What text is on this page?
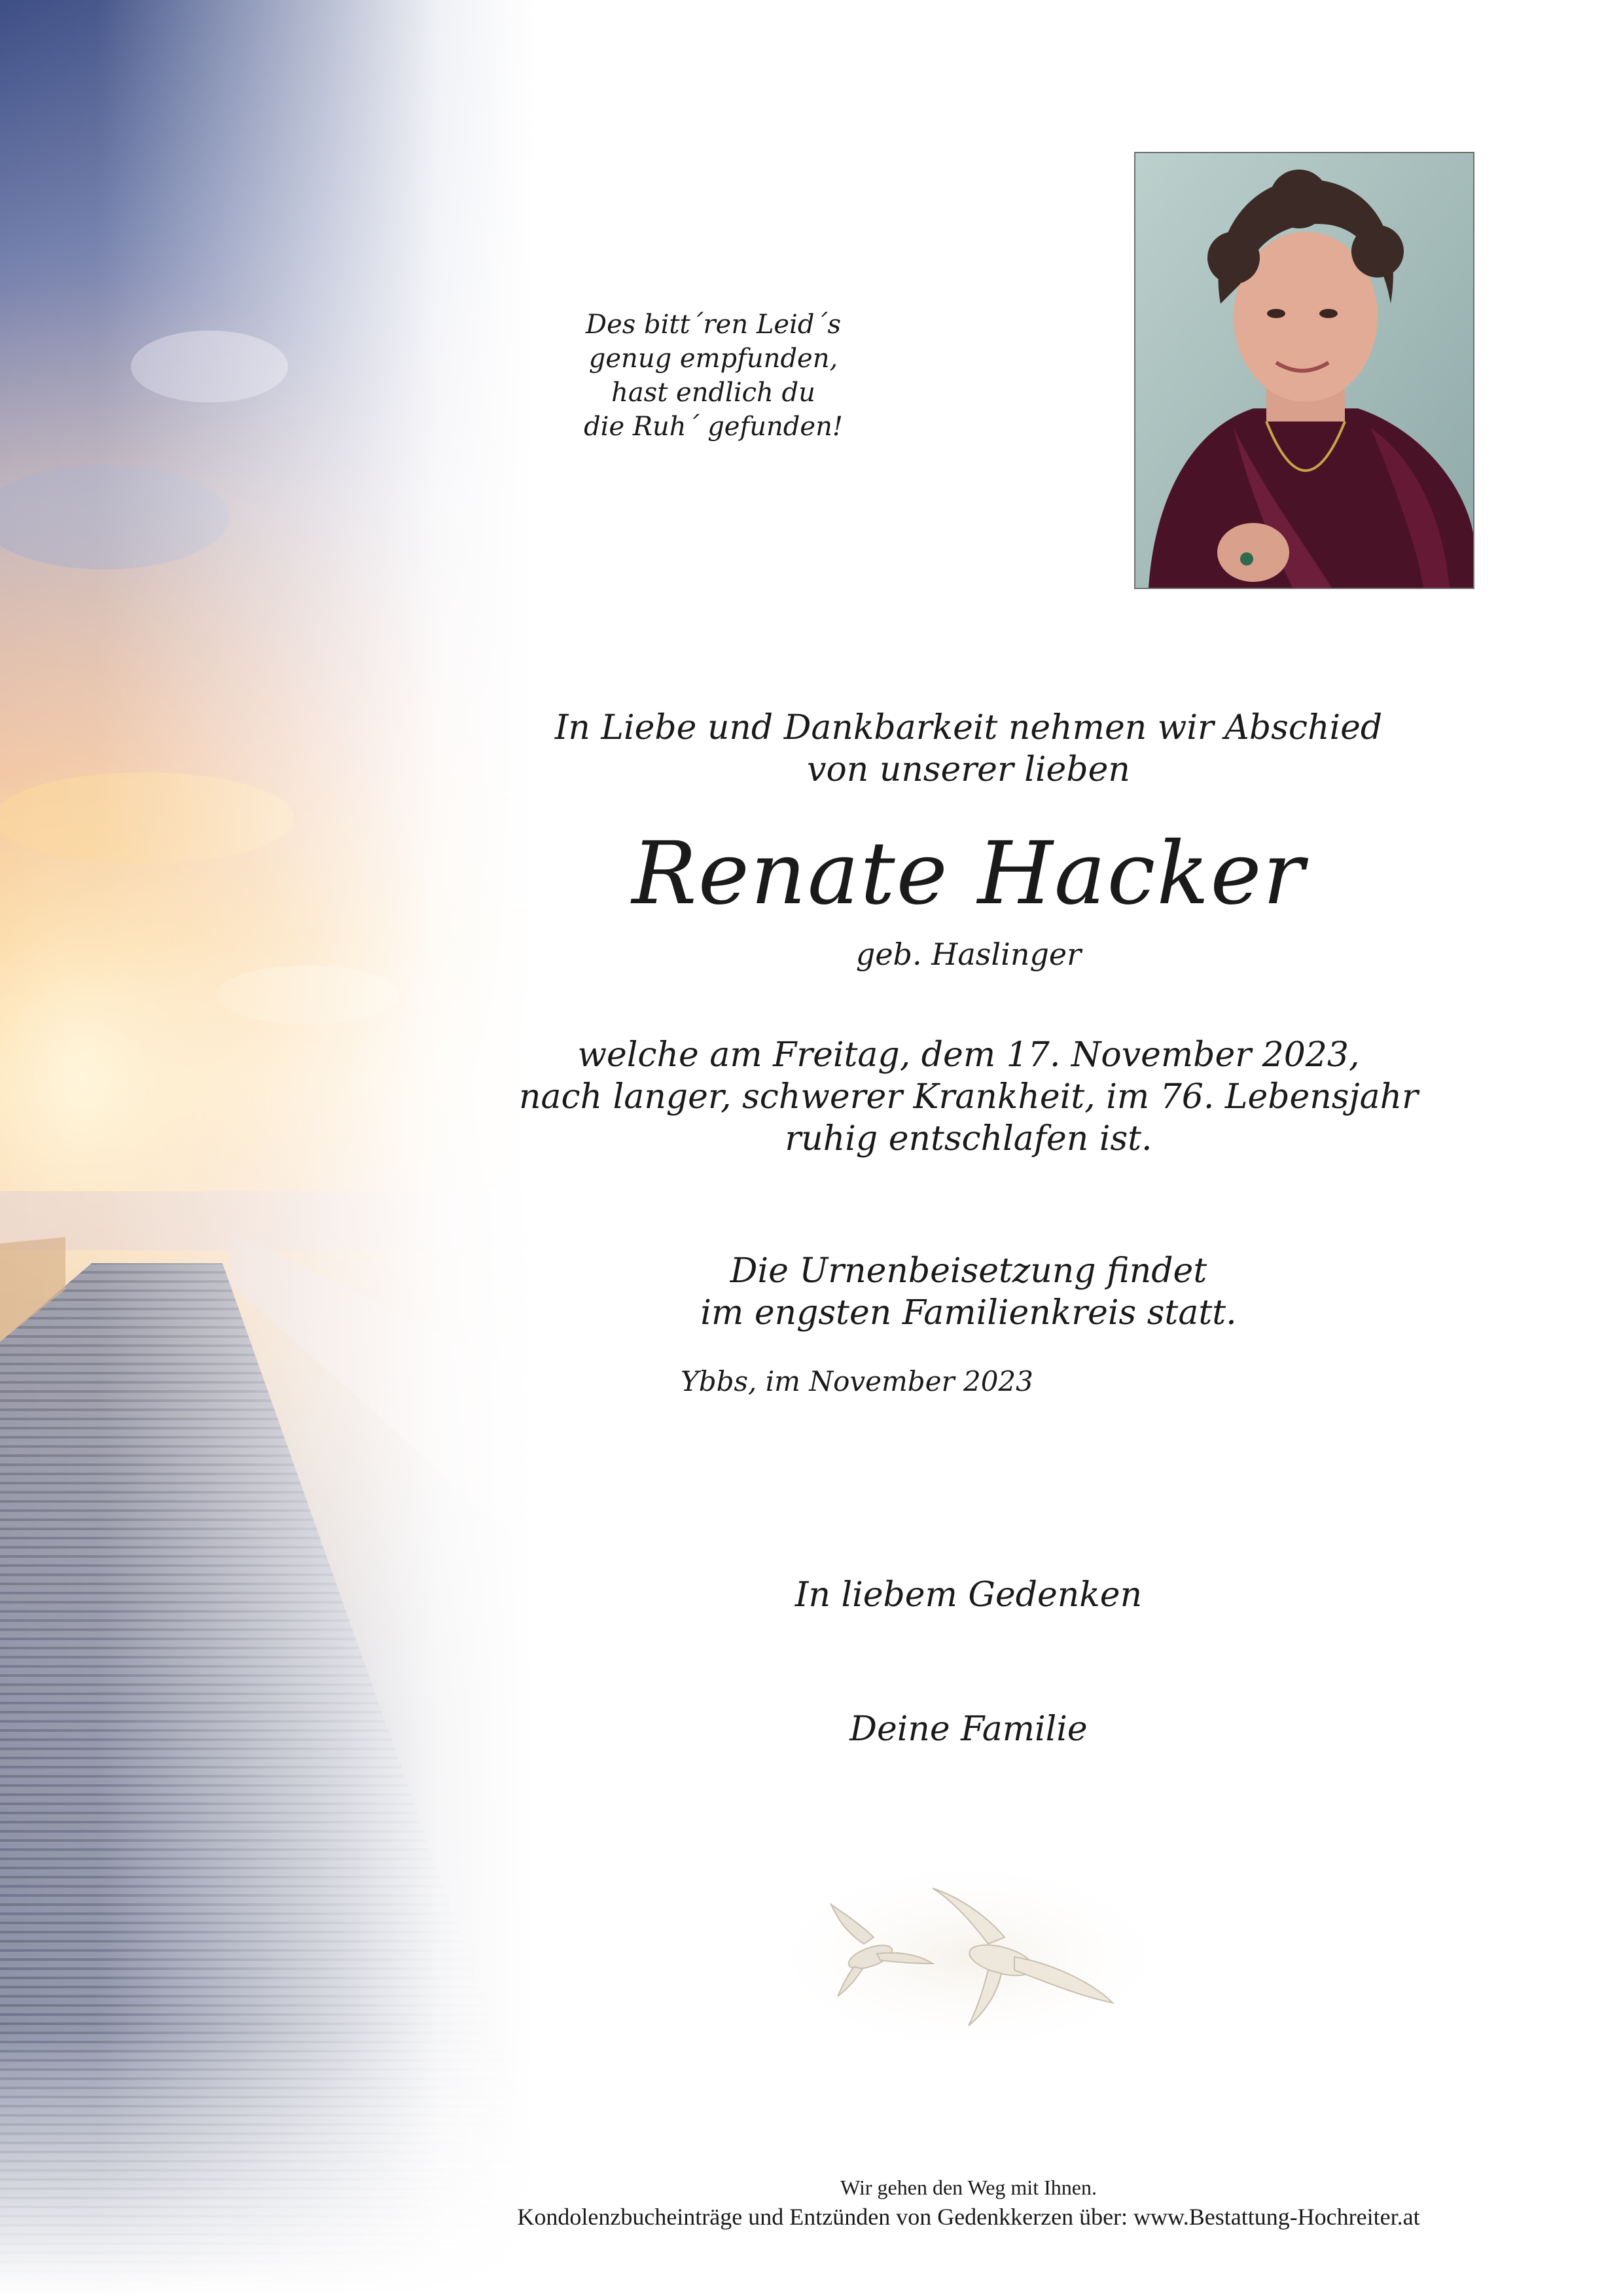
Des bitt´ren Leid´s
genug empfunden,
hast endlich du
die Ruh´ gefunden!
In Liebe und Dankbarkeit nehmen wir Abschied
von unserer lieben
Renate Hacker
geb. Haslinger
welche am Freitag, dem 17. November 2023,
nach langer, schwerer Krankheit, im 76. Lebensjahr
ruhig entschlafen ist.
Die Urnenbeisetzung findet
im engsten Familienkreis statt.
Ybbs, im November 2023
In liebem Gedenken
Deine Familie
Wir gehen den Weg mit Ihnen.
Kondolenzbucheinträge und Entzünden von Gedenkkerzen über: www.Bestattung-Hochreiter.at
